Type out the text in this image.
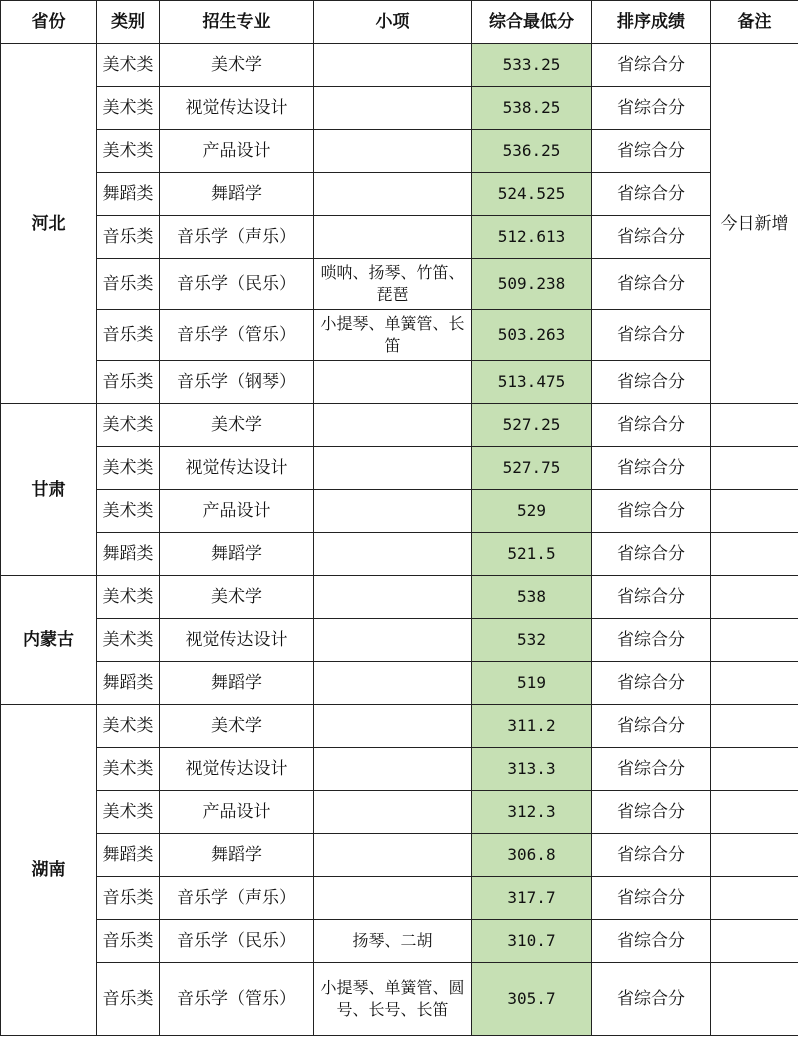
省份	类别	招生专业	小项	综合最低分	排序成绩	备注
河北	美术类	美术学		533.25	省综合分	今日新增
	美术类	视觉传达设计		538.25	省综合分	
	美术类	产品设计		536.25	省综合分	
	舞蹈类	舞蹈学		524.525	省综合分	
	音乐类	音乐学（声乐）		512.613	省综合分	
	音乐类	音乐学（民乐）	唢呐、扬琴、竹笛、琵琶	509.238	省综合分	
	音乐类	音乐学（管乐）	小提琴、单簧管、长笛	503.263	省综合分	
	音乐类	音乐学（钢琴）		513.475	省综合分	
甘肃	美术类	美术学		527.25	省综合分	
	美术类	视觉传达设计		527.75	省综合分	
	美术类	产品设计		529	省综合分	
	舞蹈类	舞蹈学		521.5	省综合分	
内蒙古	美术类	美术学		538	省综合分	
	美术类	视觉传达设计		532	省综合分	
	舞蹈类	舞蹈学		519	省综合分	
湖南	美术类	美术学		311.2	省综合分	
	美术类	视觉传达设计		313.3	省综合分	
	美术类	产品设计		312.3	省综合分	
	舞蹈类	舞蹈学		306.8	省综合分	
	音乐类	音乐学（声乐）		317.7	省综合分	
	音乐类	音乐学（民乐）	扬琴、二胡	310.7	省综合分	
	音乐类	音乐学（管乐）	小提琴、单簧管、圆号、长号、长笛	305.7	省综合分	
